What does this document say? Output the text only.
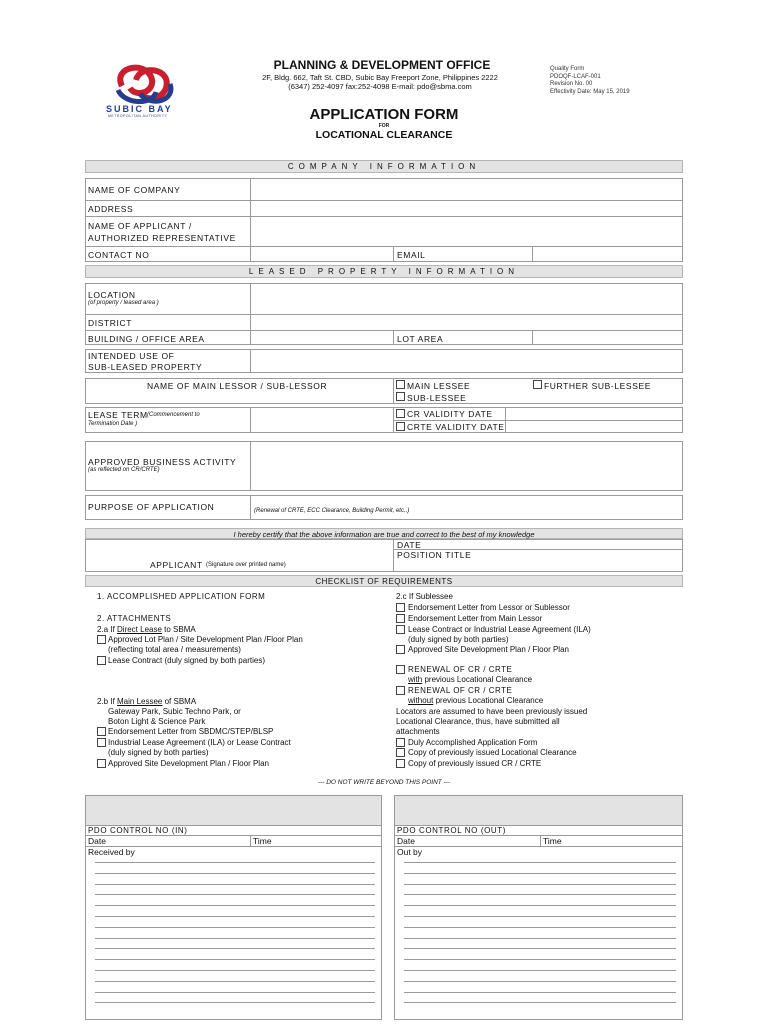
SUBIC BAY
METROPOLITAN AUTHORITY
PLANNING & DEVELOPMENT OFFICE
2F, Bldg. 662, Taft St. CBD, Subic Bay Freeport Zone, Philippines 2222
(6347) 252-4097 fax:252-4098 E-mail: pdo@sbma.com
Quality Form
PDOQF-LCAF-001
Revision No. 00
Effectivity Date: May 15, 2019
APPLICATION FORM
FOR
LOCATIONAL CLEARANCE
COMPANY INFORMATION
NAME OF COMPANY
ADDRESS
NAME OF APPLICANT /
AUTHORIZED REPRESENTATIVE
CONTACT NO	EMAIL
LEASED PROPERTY INFORMATION
LOCATION
(of property / leased area )
DISTRICT
BUILDING / OFFICE AREA	LOT AREA
INTENDED USE OF
SUB-LEASED PROPERTY
NAME OF MAIN LESSOR / SUB-LESSOR	MAIN LESSEE	FURTHER SUB-LESSEE
SUB-LESSEE
LEASE TERM (Commencement to
Termination Date )
CR VALIDITY DATE
CRTE VALIDITY DATE
APPROVED BUSINESS ACTIVITY
(as reflected on CR/CRTE)
PURPOSE OF APPLICATION	(Renewal of CRTE, ECC Clearance, Building Permit, etc..)
I hereby certify that the above information are true and correct to the best of my knowledge
DATE
POSITION TITLE
APPLICANT (Signature over printed name)
CHECKLIST OF REQUIREMENTS
1. ACCOMPLISHED APPLICATION FORM
2. ATTACHMENTS
2.a If Direct Lease to SBMA
Approved Lot Plan / Site Development Plan /Floor Plan
(reflecting total area / measurements)
Lease Contract (duly signed by both parties)
2.b If Main Lessee of SBMA
Gateway Park, Subic Techno Park, or
Boton Light & Science Park
Endorsement Letter from SBDMC/STEP/BLSP
Industrial Lease Agreement (ILA) or Lease Contract
(duly signed by both parties)
Approved Site Development Plan / Floor Plan
2.c If Sublessee
Endorsement Letter from Lessor or Sublessor
Endorsement Letter from Main Lessor
Lease Contract or Industrial Lease Agreement (ILA)
(duly signed by both parties)
Approved Site Development Plan / Floor Plan
RENEWAL OF CR / CRTE
with previous Locational Clearance
RENEWAL OF CR / CRTE
without previous Locational Clearance
Locators are assumed to have been previously issued
Locational Clearance, thus, have submitted all
attachments
Duly Accomplished Application Form
Copy of previously issued Locational Clearance
Copy of previously issued CR / CRTE
--- DO NOT WRITE BEYOND THIS POINT ---
PDO CONTROL NO (IN)
Date	Time
Received by
PDO CONTROL NO (OUT)
Date	Time
Out by
